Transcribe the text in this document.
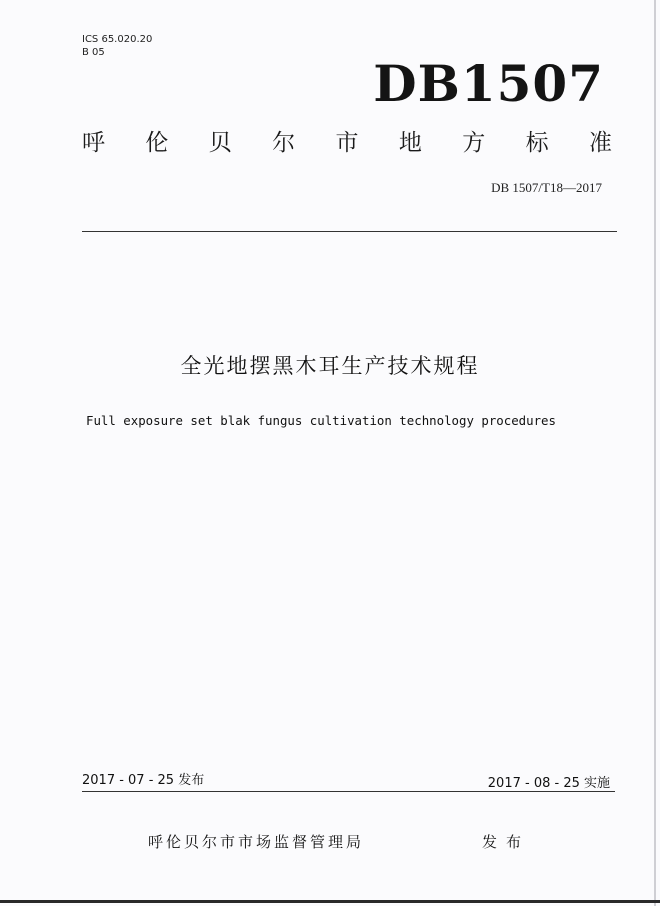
ICS 65.020.20
B 05
DB1507
呼 伦 贝 尔 市 地 方 标 准
DB 1507/T18—2017
全光地摆黑木耳生产技术规程
Full exposure set blak fungus cultivation technology procedures
2017 - 07 - 25 发布	2017 - 08 - 25 实施
呼伦贝尔市市场监督管理局	发布
